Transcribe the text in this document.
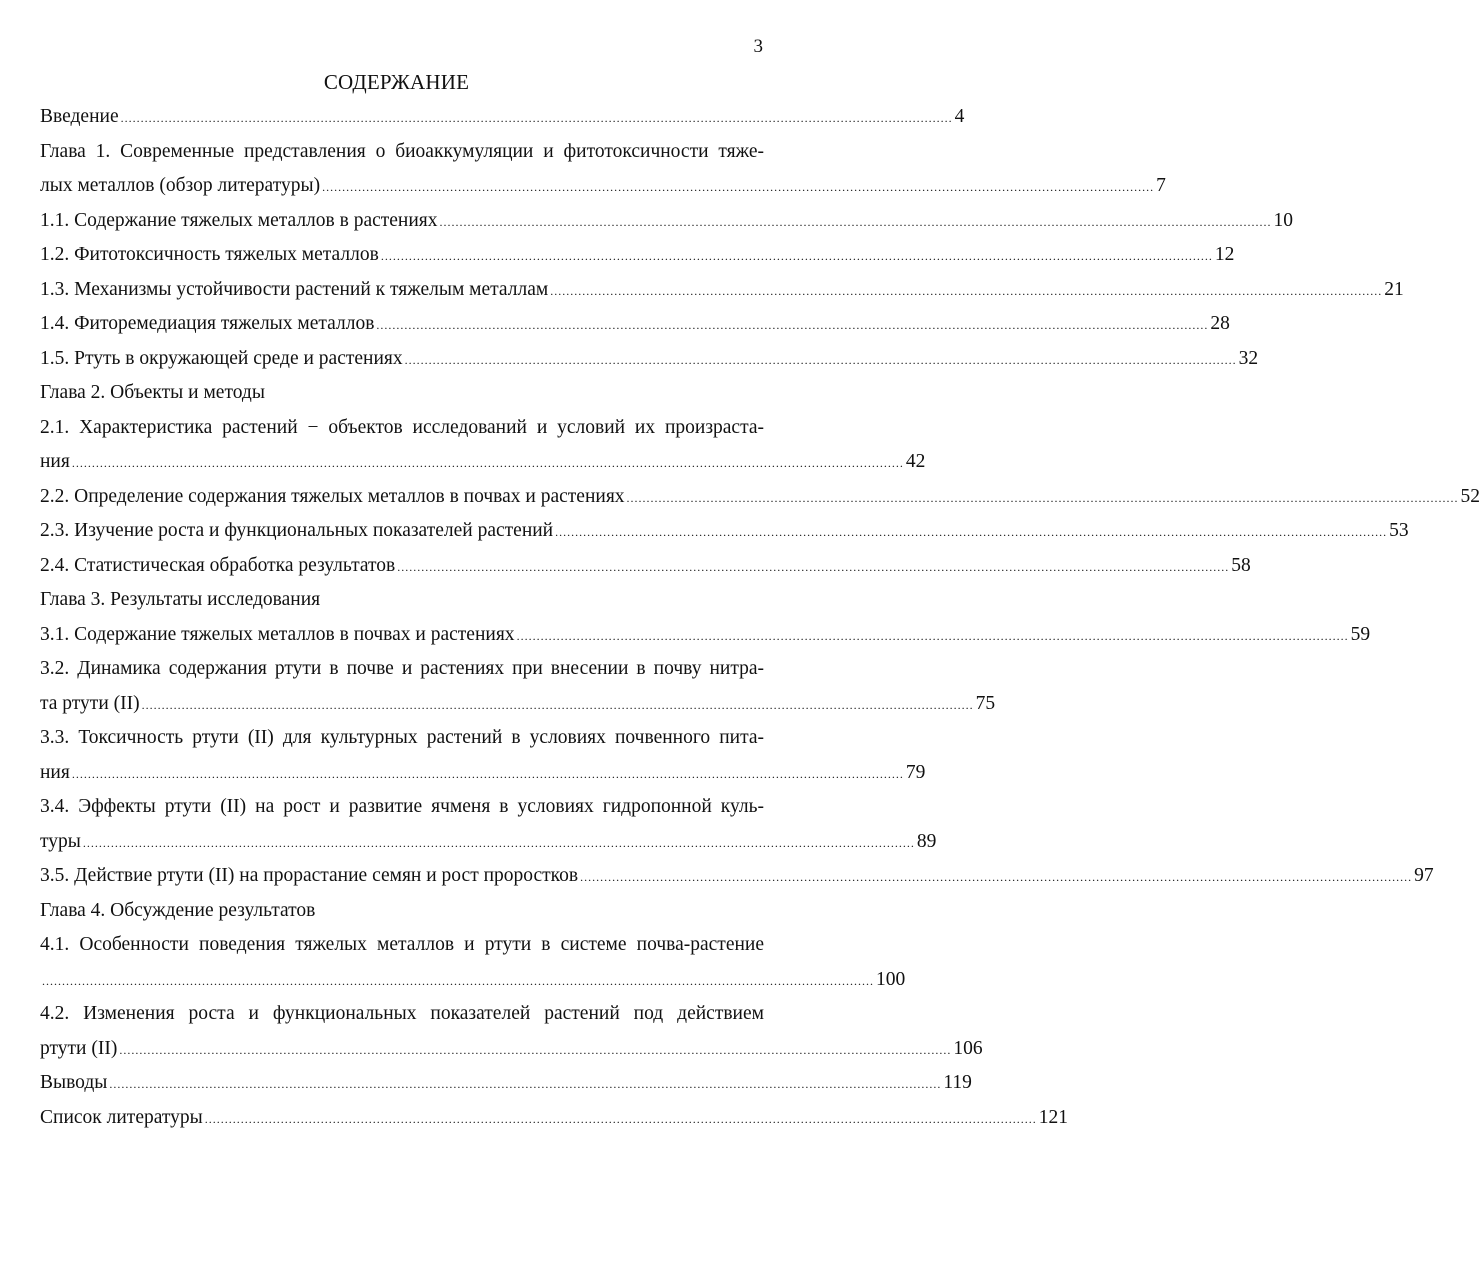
3
СОДЕРЖАНИЕ
Введение ................................................................................................................................................................................................................ 4
Глава 1. Современные представления о биоаккумуляции и фитотоксичности тяже-
лых металлов (обзор литературы) ................................................................................................................................................................................................................ 7
1.1. Содержание тяжелых металлов в растениях ................................................................................................................................................................................................................ 10
1.2. Фитотоксичность тяжелых металлов ................................................................................................................................................................................................................ 12
1.3. Механизмы устойчивости растений к тяжелым металлам ................................................................................................................................................................................................................ 21
1.4. Фиторемедиация тяжелых металлов ................................................................................................................................................................................................................ 28
1.5. Ртуть в окружающей среде и растениях ................................................................................................................................................................................................................ 32
Глава 2. Объекты и методы
2.1. Характеристика растений − объектов исследований и условий их произраста-
ния ................................................................................................................................................................................................................ 42
2.2. Определение содержания тяжелых металлов в почвах и растениях ................................................................................................................................................................................................................ 52
2.3. Изучение роста и функциональных показателей растений ................................................................................................................................................................................................................ 53
2.4. Статистическая обработка результатов ................................................................................................................................................................................................................ 58
Глава 3. Результаты исследования
3.1. Содержание тяжелых металлов в почвах и растениях ................................................................................................................................................................................................................ 59
3.2. Динамика содержания ртути в почве и растениях при внесении в почву нитра-
та ртути (II) ................................................................................................................................................................................................................ 75
3.3. Токсичность ртути (II) для культурных растений в условиях почвенного пита-
ния ................................................................................................................................................................................................................ 79
3.4. Эффекты ртути (II) на рост и развитие ячменя в условиях гидропонной куль-
туры ................................................................................................................................................................................................................ 89
3.5. Действие ртути (II) на прорастание семян и рост проростков ................................................................................................................................................................................................................ 97
Глава 4. Обсуждение результатов
4.1. Особенности поведения тяжелых металлов и ртути в системе почва-растение
................................................................................................................................................................................................................ 100
4.2. Изменения роста и функциональных показателей растений под действием
ртути (II) ................................................................................................................................................................................................................ 106
Выводы ................................................................................................................................................................................................................ 119
Список литературы ................................................................................................................................................................................................................ 121
